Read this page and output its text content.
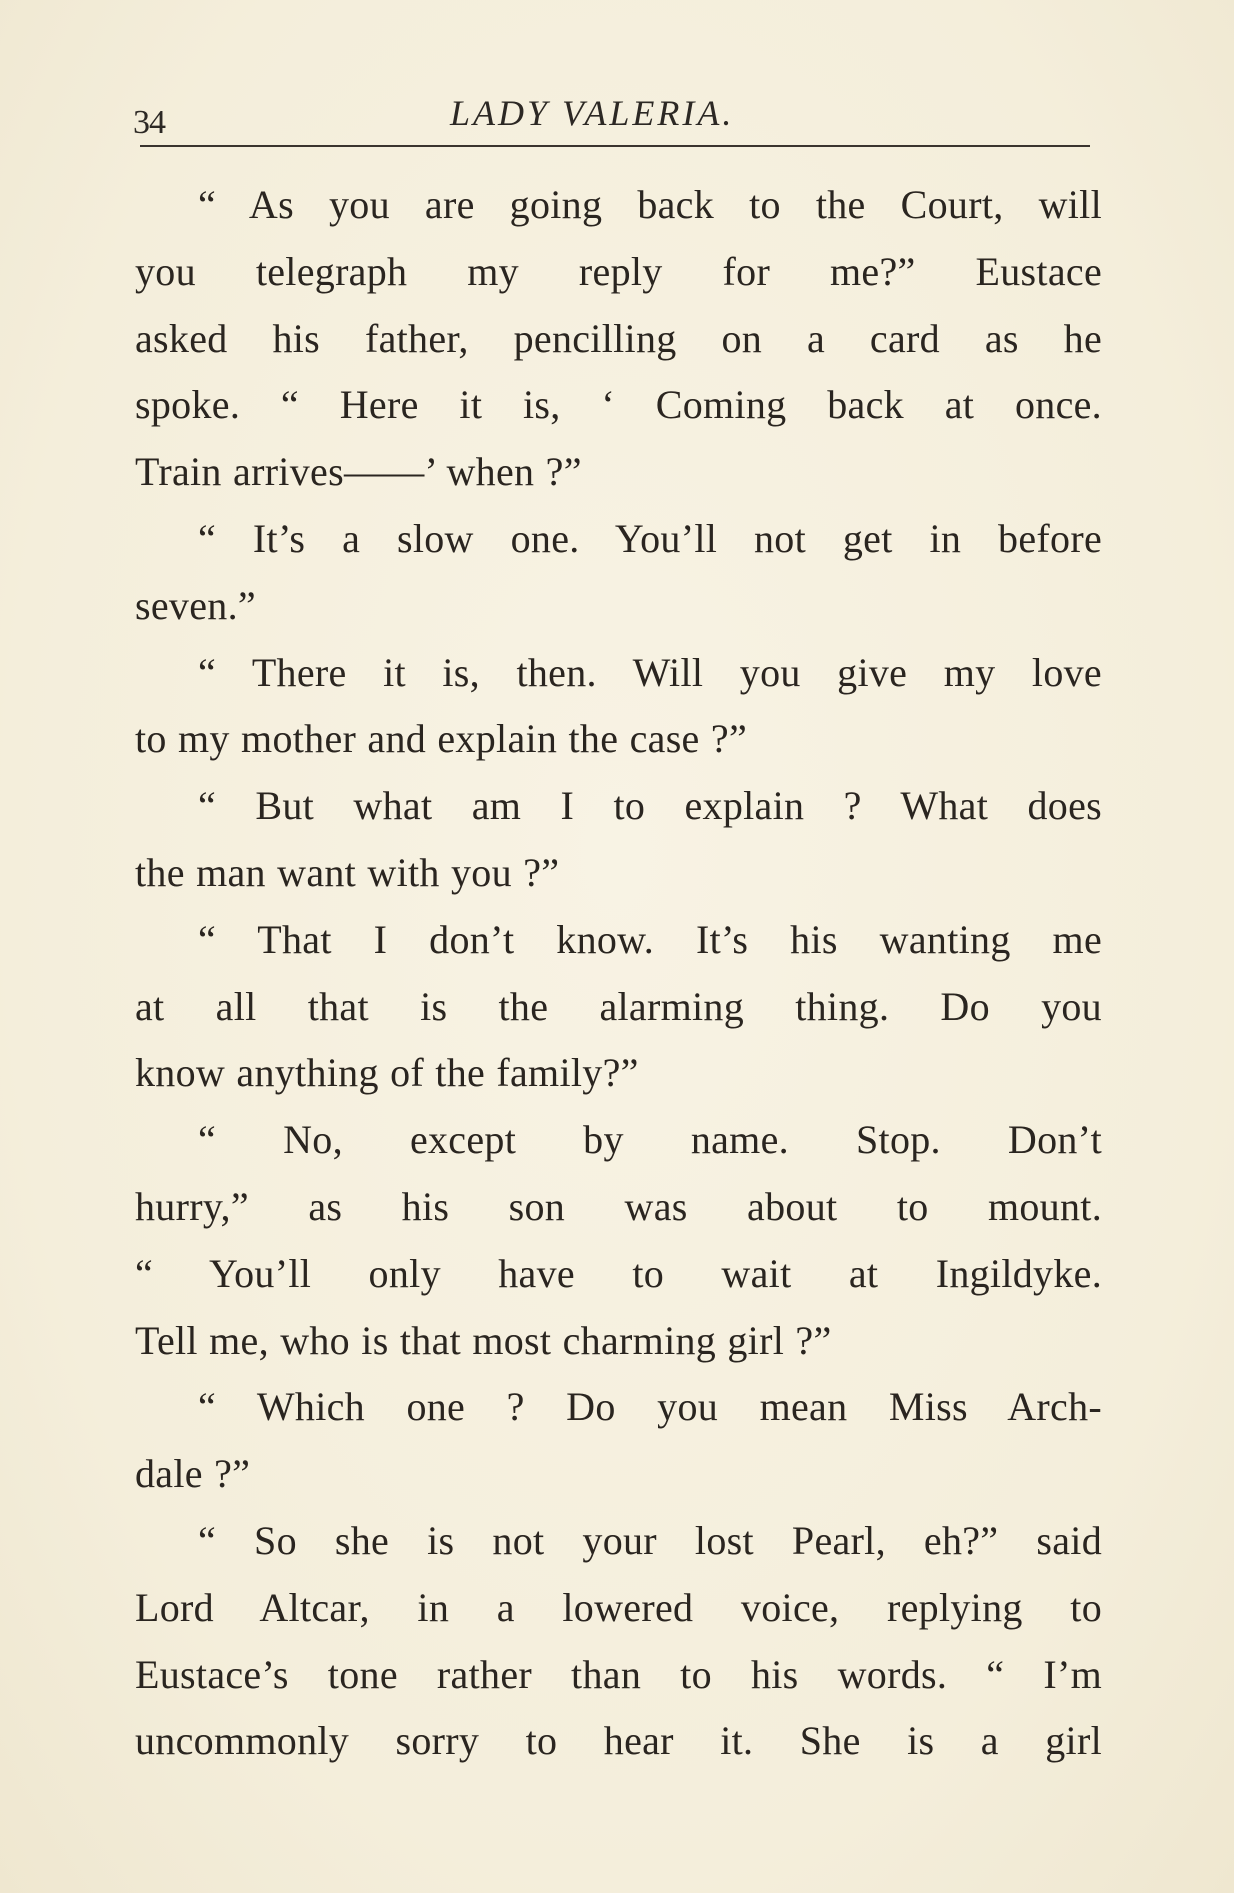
34	LADY VALERIA.
“ As you are going back to the Court, will
you telegraph my reply for me?” Eustace
asked his father, pencilling on a card as he
spoke. “ Here it is, ‘ Coming back at once.
Train arrives——’ when ?”
“ It’s a slow one. You’ll not get in before
seven.”
“ There it is, then. Will you give my love
to my mother and explain the case ?”
“ But what am I to explain ? What does
the man want with you ?”
“ That I don’t know. It’s his wanting me
at all that is the alarming thing. Do you
know anything of the family?”
“ No, except by name. Stop. Don’t
hurry,” as his son was about to mount.
“ You’ll only have to wait at Ingildyke.
Tell me, who is that most charming girl ?”
“ Which one ? Do you mean Miss Arch-
dale ?”
“ So she is not your lost Pearl, eh?” said
Lord Altcar, in a lowered voice, replying to
Eustace’s tone rather than to his words. “ I’m
uncommonly sorry to hear it. She is a girl
